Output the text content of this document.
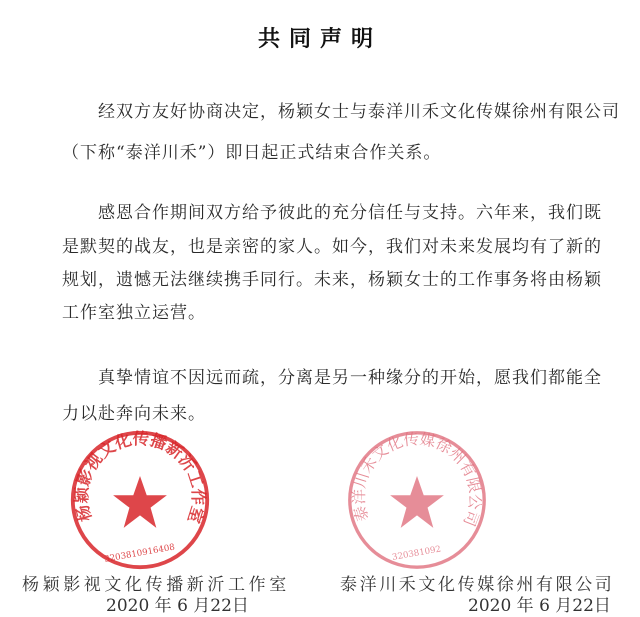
共同声明
经双方友好协商决定，杨颖女士与泰洋川禾文化传媒徐州有限公司
（下称“泰洋川禾”）即日起正式结束合作关系。
感恩合作期间双方给予彼此的充分信任与支持。六年来，我们既
是默契的战友，也是亲密的家人。如今，我们对未来发展均有了新的
规划，遗憾无法继续携手同行。未来，杨颖女士的工作事务将由杨颖
工作室独立运营。
真挚情谊不因远而疏，分离是另一种缘分的开始，愿我们都能全
力以赴奔向未来。
杨颖影视文化传播新沂工作室
3203810916408
泰洋川禾文化传媒徐州有限公司
320381092
杨颖影视文化传播新沂工作室
2020 年 6 月22日
泰洋川禾文化传媒徐州有限公司
2020 年 6 月22日
